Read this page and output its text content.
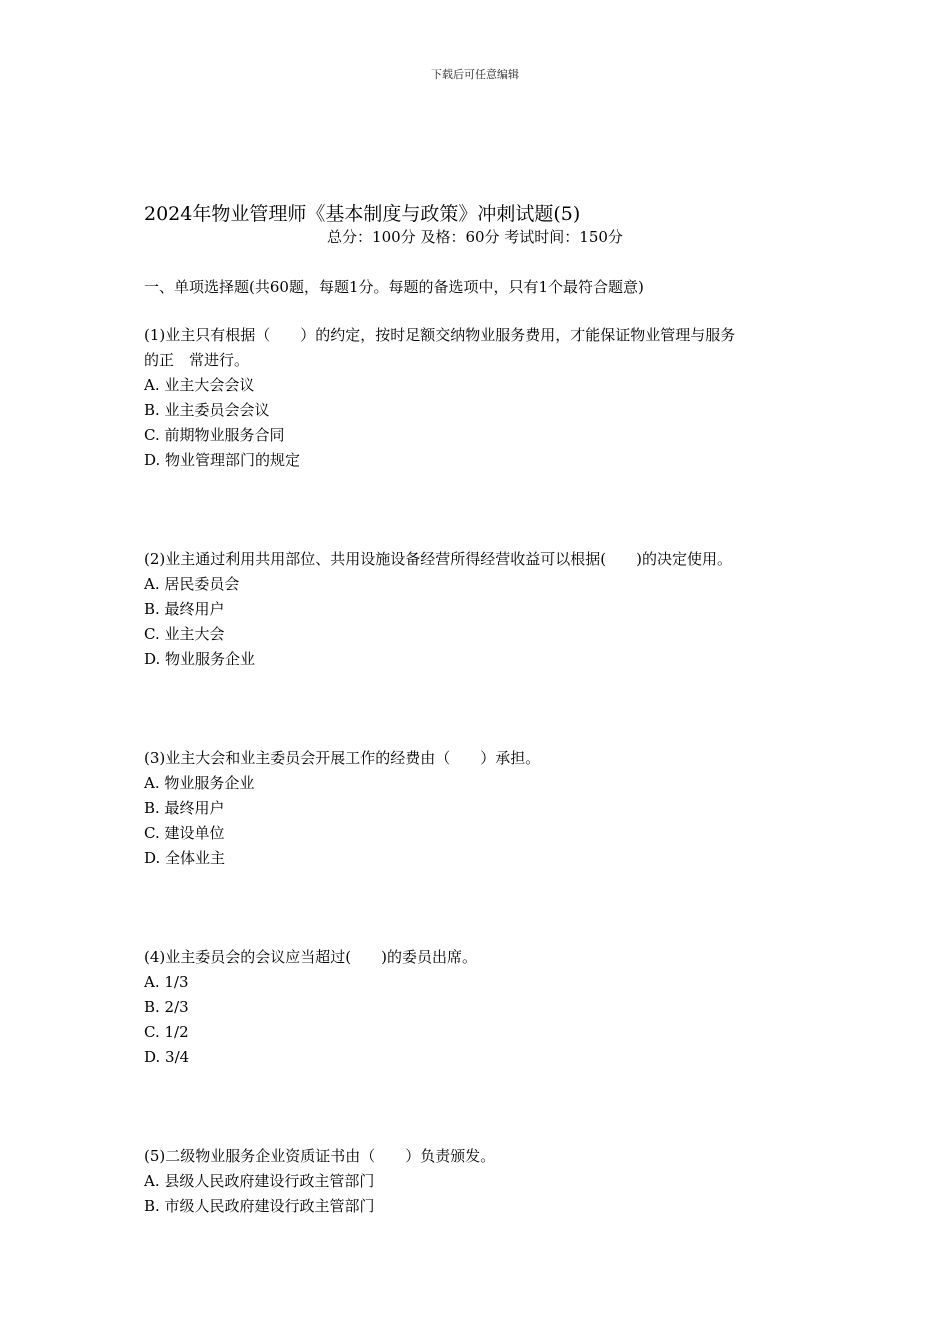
下载后可任意编辑
2024年物业管理师《基本制度与政策》冲刺试题(5)
总分：100分 及格：60分 考试时间：150分
一、单项选择题(共60题，每题1分。每题的备选项中，只有1个最符合题意)
(1)业主只有根据（　　）的约定，按时足额交纳物业服务费用，才能保证物业管理与服务
的正　常进行。
A. 业主大会会议
B. 业主委员会会议
C. 前期物业服务合同
D. 物业管理部门的规定
(2)业主通过利用共用部位、共用设施设备经营所得经营收益可以根据(　　)的决定使用。
A. 居民委员会
B. 最终用户
C. 业主大会
D. 物业服务企业
(3)业主大会和业主委员会开展工作的经费由（　　）承担。
A. 物业服务企业
B. 最终用户
C. 建设单位
D. 全体业主
(4)业主委员会的会议应当超过(　　)的委员出席。
A. 1/3
B. 2/3
C. 1/2
D. 3/4
(5)二级物业服务企业资质证书由（　　）负责颁发。
A. 县级人民政府建设行政主管部门
B. 市级人民政府建设行政主管部门
